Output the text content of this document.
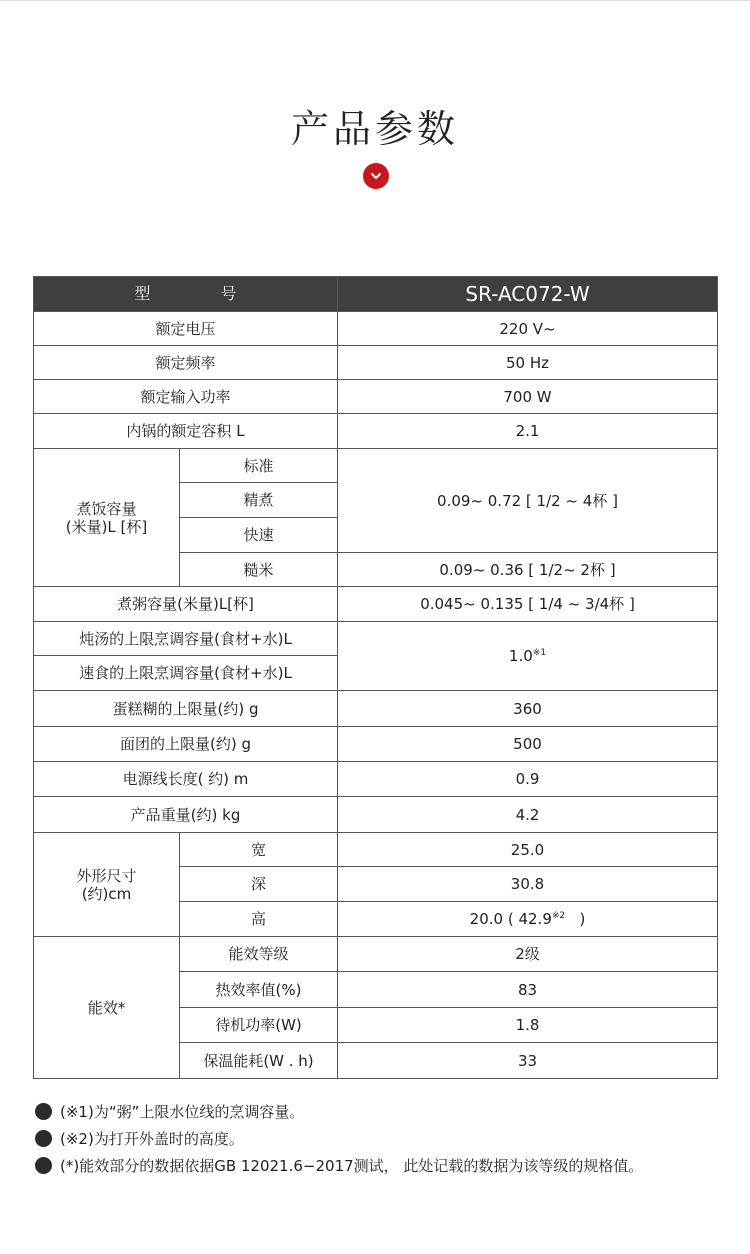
产品参数
型 号		SR-AC072-W
额定电压		220 V~
额定频率		50 Hz
额定输入功率		700 W
内锅的额定容积 L		2.1
煮饭容量
(米量)L [杯]	标准	0.09~ 0.72 [ 1/2 ~ 4杯 ]
	精煮	
	快速	
	糙米	0.09~ 0.36 [ 1/2~ 2杯 ]
煮粥容量(米量)L[杯]		0.045~ 0.135 [ 1/4 ~ 3/4杯 ]
炖汤的上限烹调容量(食材+水)L		1.0$^{※1}$
速食的上限烹调容量(食材+水)L		
蛋糕糊的上限量(约) g		360
面团的上限量(约) g		500
电源线长度( 约) m		0.9
产品重量(约) kg		4.2
外形尺寸
(约)cm	宽	25.0
	深	30.8
	高	20.0 ( 42.9$^{※2}$ )
能效*	能效等级	2级
	热效率值(%)	83
	待机功率(W)	1.8
	保温能耗(W . h)	33
(※1)为“粥”上限水位线的烹调容量。
(※2)为打开外盖时的高度。
(*)能效部分的数据依据GB 12021.6−2017测试， 此处记载的数据为该等级的规格值。
